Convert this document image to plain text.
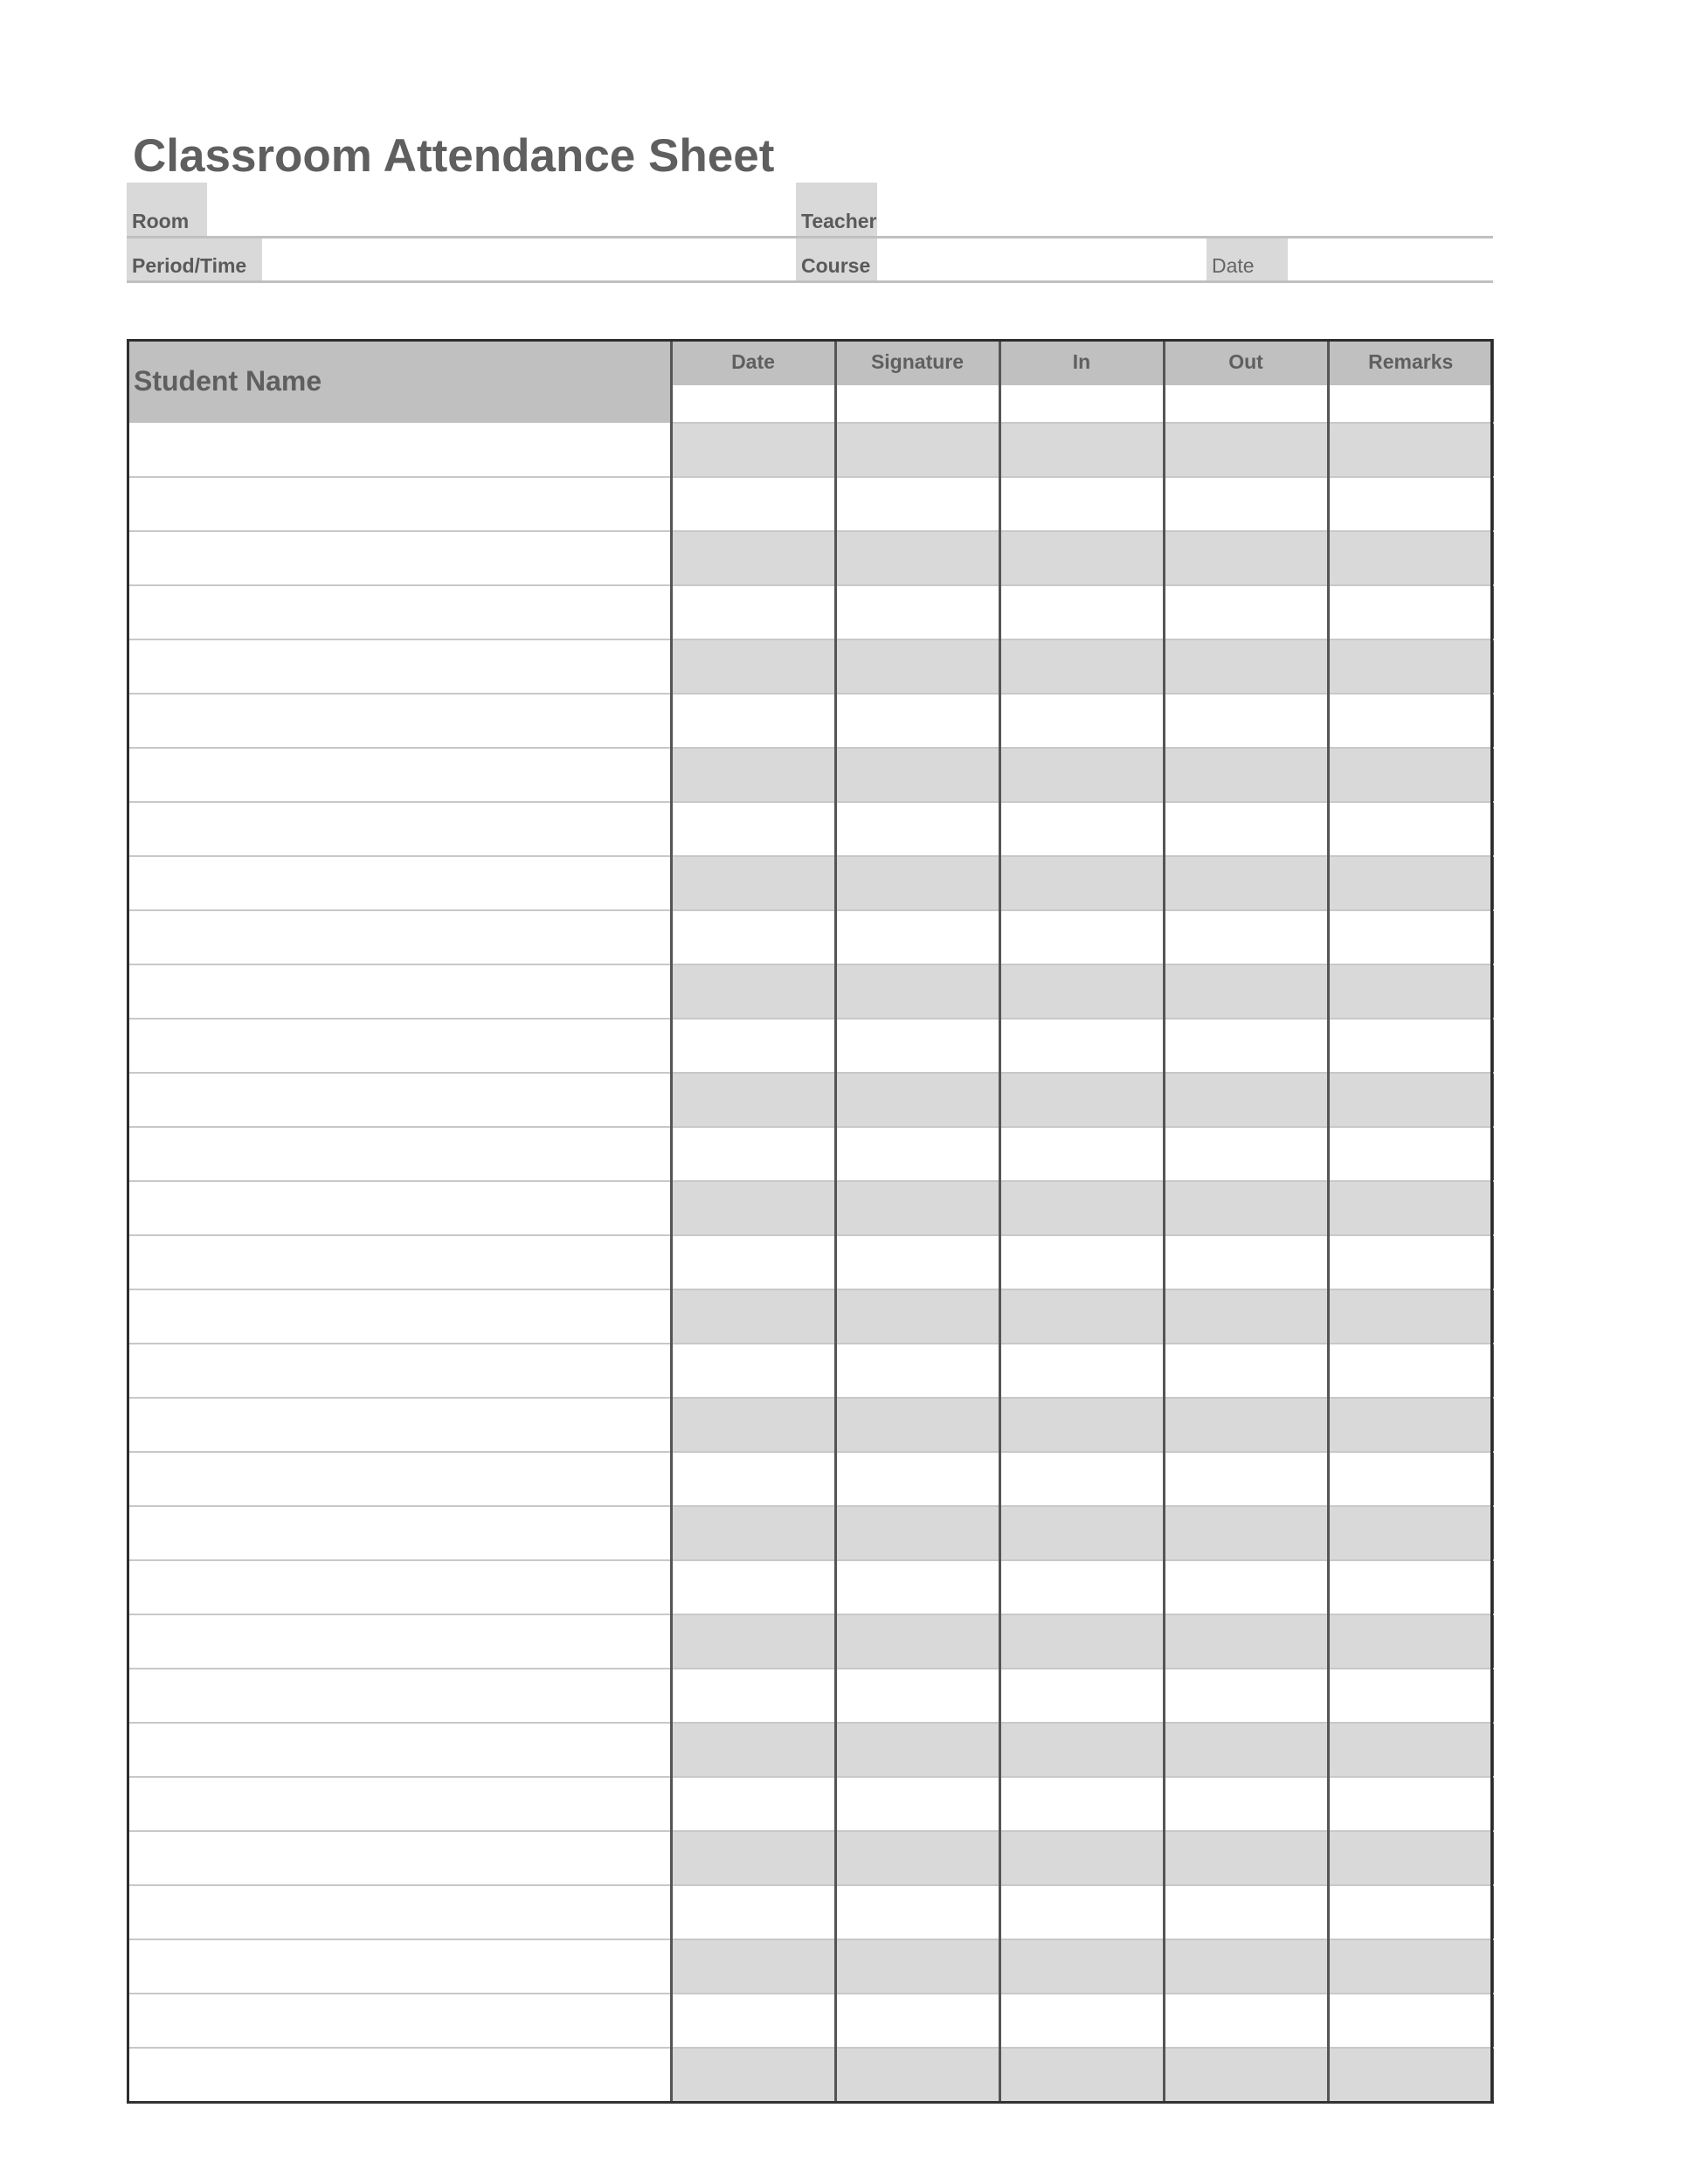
Classroom Attendance Sheet
Room	Teacher
Period/Time	Course	Date
Student Name	Date	Signature	In	Out	Remarks
